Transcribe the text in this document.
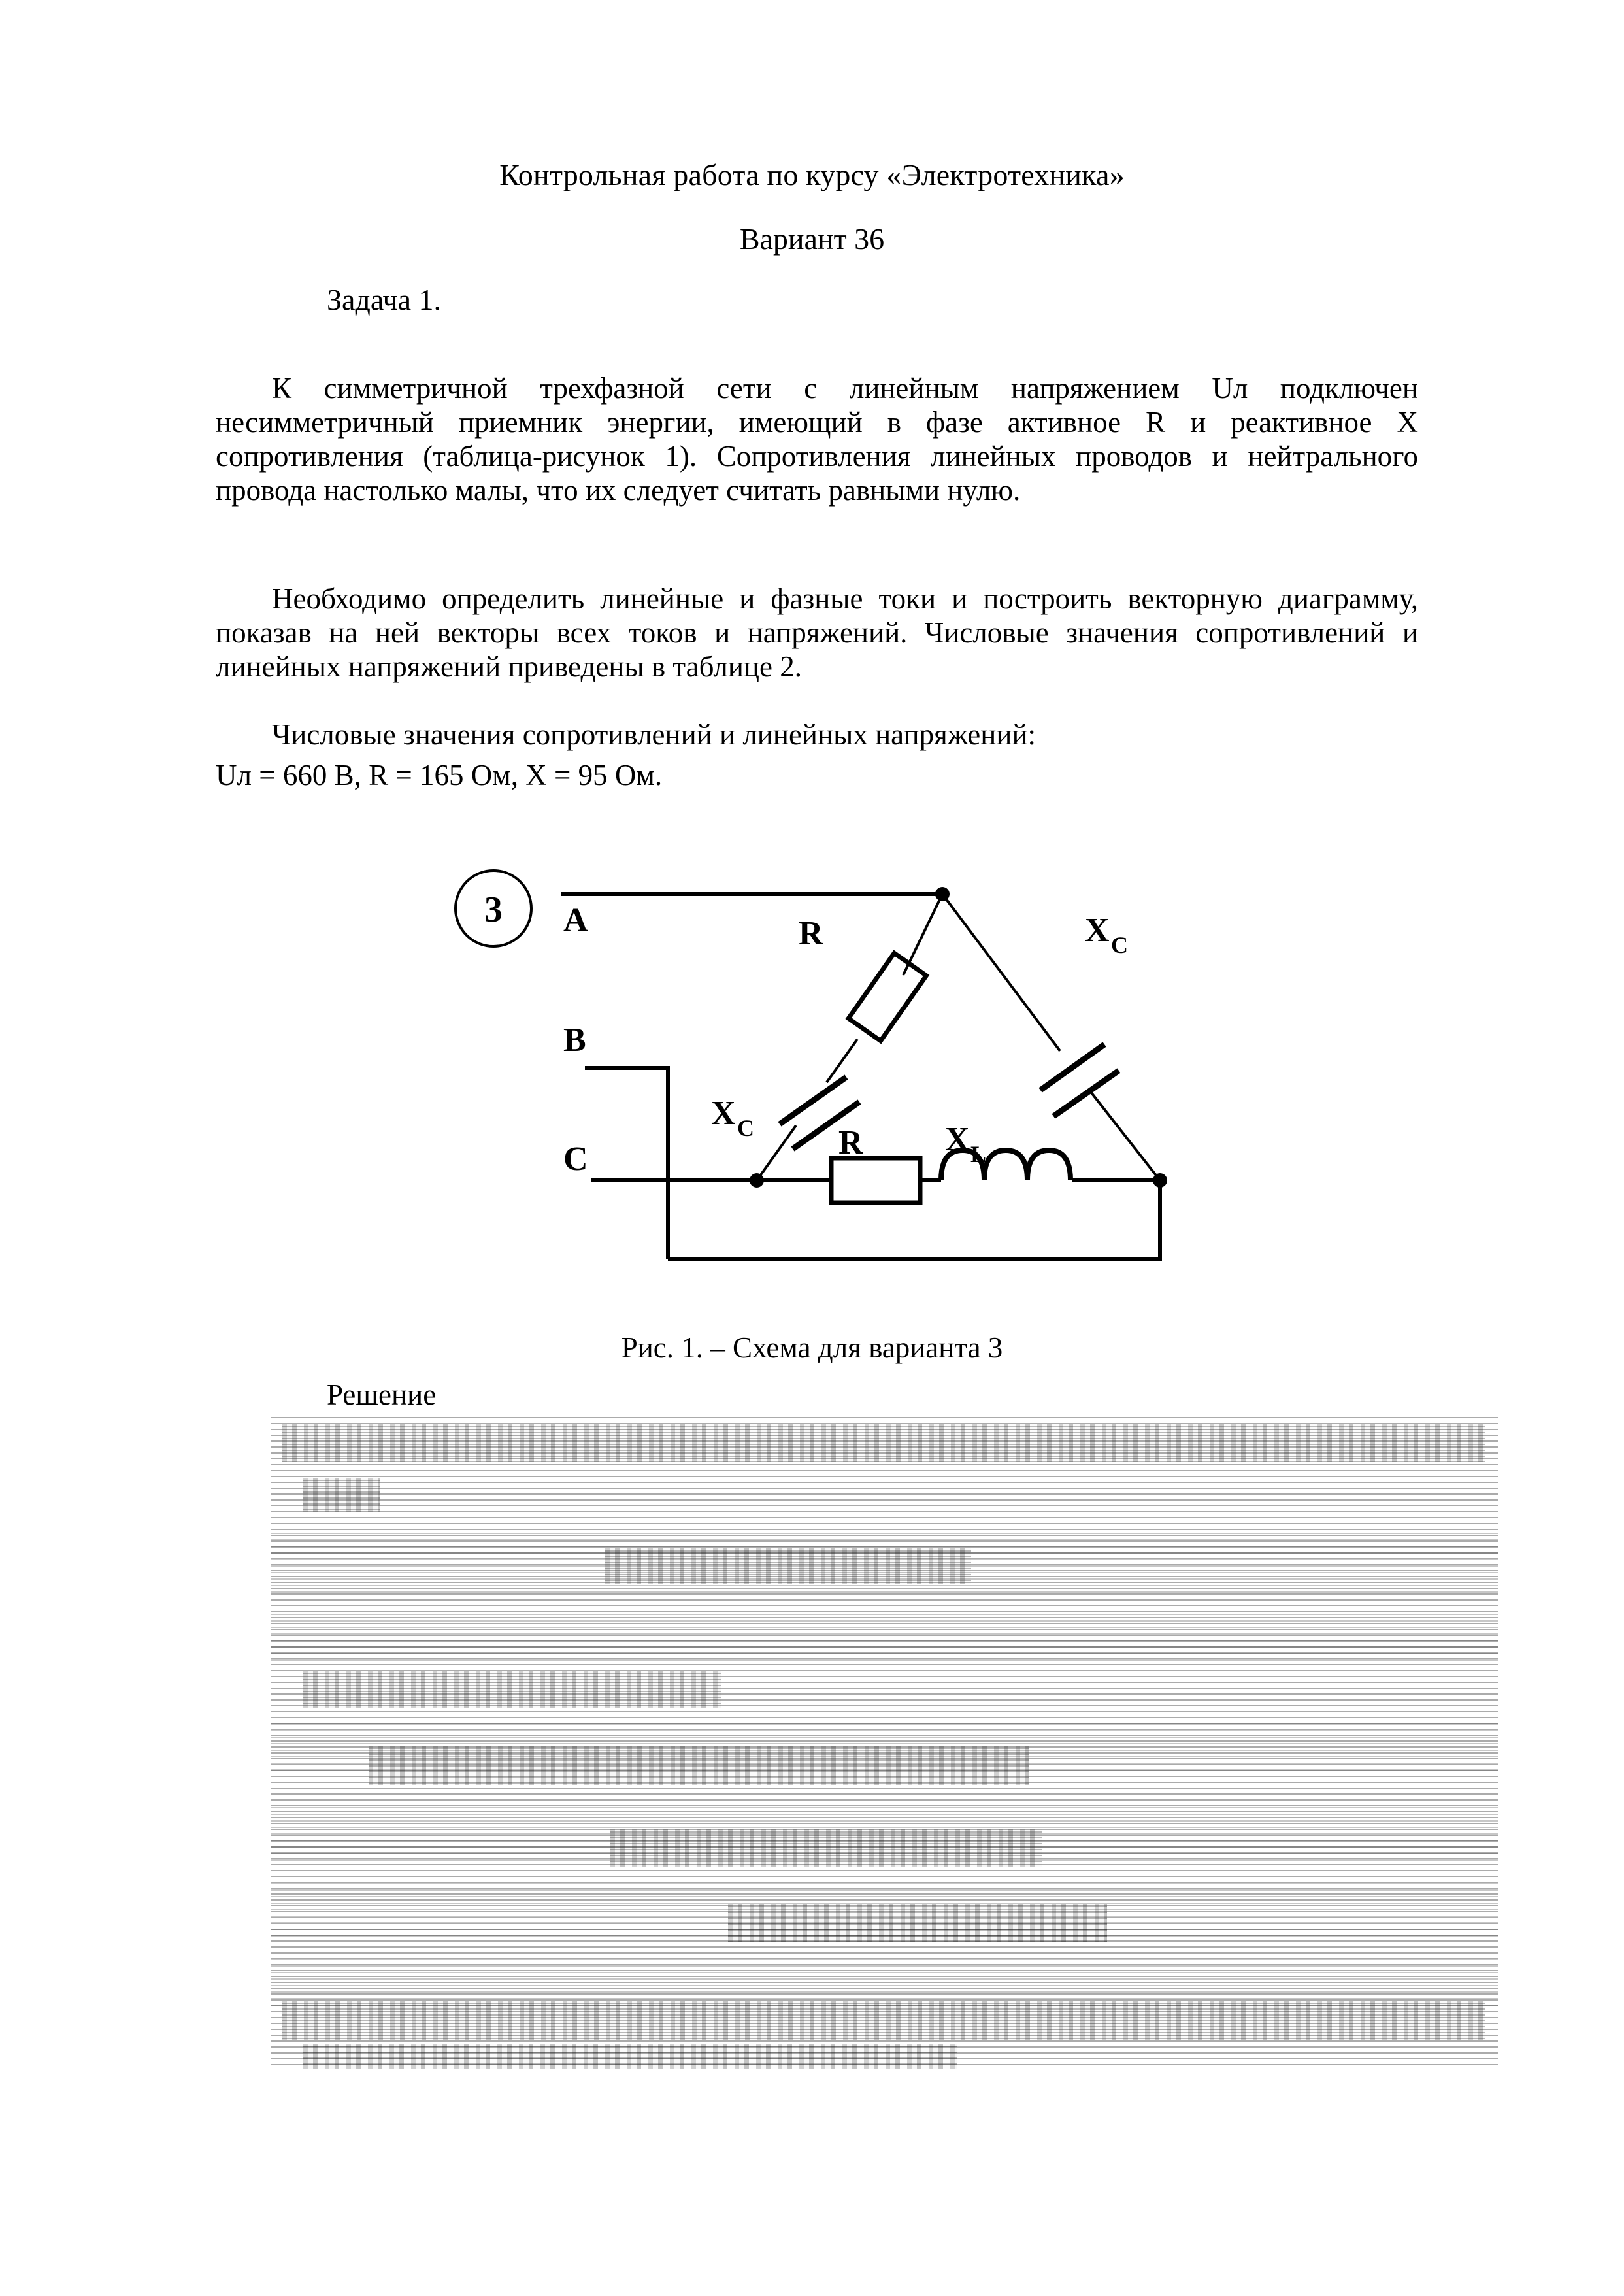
Контрольная работа по курсу «Электротехника»
Вариант 36
Задача 1.

К симметричной трехфазной сети с линейным напряжением Uл подключен несимметричный приемник энергии, имеющий в фазе активное R и реактивное X сопротивления (таблица-рисунок 1). Сопротивления линейных проводов и нейтрального провода настолько малы, что их следует считать равными нулю.

Необходимо определить линейные и фазные токи и построить векторную диаграмму, показав на ней векторы всех токов и напряжений. Числовые значения сопротивлений и линейных напряжений приведены в таблице 2.

Числовые значения сопротивлений и линейных напряжений:

Uл = 660 В, R = 165 Ом, X = 95 Ом.

3 A
B
C
R	X C
X C R X L
Рис. 1. – Схема для варианта 3
Решение
